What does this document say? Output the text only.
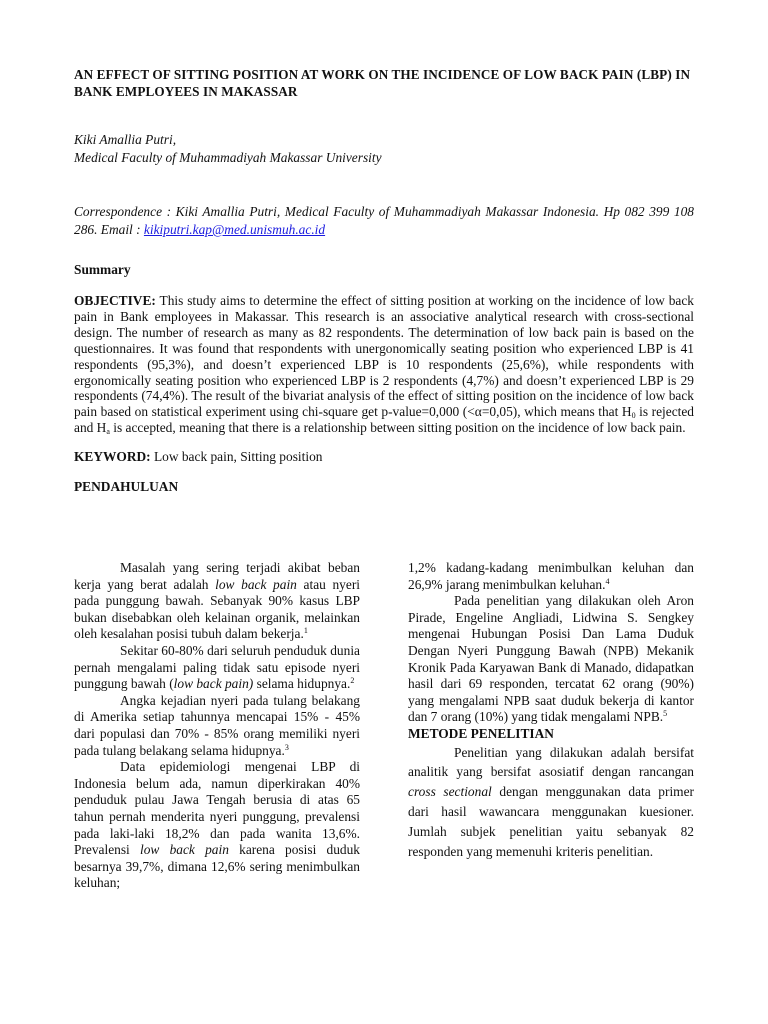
AN EFFECT OF SITTING POSITION AT WORK ON THE INCIDENCE OF LOW BACK PAIN (LBP) IN BANK EMPLOYEES IN MAKASSAR

Kiki Amallia Putri,

Medical Faculty of Muhammadiyah Makassar University

Correspondence : Kiki Amallia Putri, Medical Faculty of Muhammadiyah Makassar Indonesia. Hp 082 399 108 286. Email : kikiputri.kap@med.unismuh.ac.id

Summary

OBJECTIVE: This study aims to determine the effect of sitting position at working on the incidence of low back pain in Bank employees in Makassar. This research is an associative analytical research with cross-sectional design. The number of research as many as 82 respondents. The determination of low back pain is based on the questionnaires. It was found that respondents with unergonomically seating position who experienced LBP is 41 respondents (95,3%), and doesn’t experienced LBP is 10 respondents (25,6%), while respondents with ergonomically seating position who experienced LBP is 2 respondents (4,7%) and doesn’t experienced LBP is 29 respondents (74,4%). The result of the bivariat analysis of the effect of sitting position on the incidence of low back pain based on statistical experiment using chi-square get p-value=0,000 (<α=0,05), which means that $H_0$ is rejected and $H_a$ is accepted, meaning that there is a relationship between sitting position on the incidence of low back pain.

KEYWORD: Low back pain, Sitting position

PENDAHULUAN

Masalah yang sering terjadi akibat beban kerja yang berat adalah low back pain atau nyeri pada punggung bawah. Sebanyak 90% kasus LBP bukan disebabkan oleh kelainan organik, melainkan oleh kesalahan posisi tubuh dalam bekerja.$^1$

Sekitar 60-80% dari seluruh penduduk dunia pernah mengalami paling tidak satu episode nyeri punggung bawah (low back pain) selama hidupnya.$^2$

Angka kejadian nyeri pada tulang belakang di Amerika setiap tahunnya mencapai 15% - 45% dari populasi dan 70% - 85% orang memiliki nyeri pada tulang belakang selama hidupnya.$^3$

Data epidemiologi mengenai LBP di Indonesia belum ada, namun diperkirakan 40% penduduk pulau Jawa Tengah berusia di atas 65 tahun pernah menderita nyeri punggung, prevalensi pada laki-laki 18,2% dan pada wanita 13,6%. Prevalensi low back pain karena posisi duduk besarnya 39,7%, dimana 12,6% sering menimbulkan keluhan;

1,2% kadang-kadang menimbulkan keluhan dan 26,9% jarang menimbulkan keluhan.$^4$

Pada penelitian yang dilakukan oleh Aron Pirade, Engeline Angliadi, Lidwina S. Sengkey mengenai Hubungan Posisi Dan Lama Duduk Dengan Nyeri Punggung Bawah (NPB) Mekanik Kronik Pada Karyawan Bank di Manado, didapatkan hasil dari 69 responden, tercatat 62 orang (90%) yang mengalami NPB saat duduk bekerja di kantor dan 7 orang (10%) yang tidak mengalami NPB.$^5$

METODE PENELITIAN

Penelitian yang dilakukan adalah bersifat analitik yang bersifat asosiatif dengan rancangan cross sectional dengan menggunakan data primer dari hasil wawancara menggunakan kuesioner. Jumlah subjek penelitian yaitu sebanyak 82 responden yang memenuhi kriteris penelitian.
